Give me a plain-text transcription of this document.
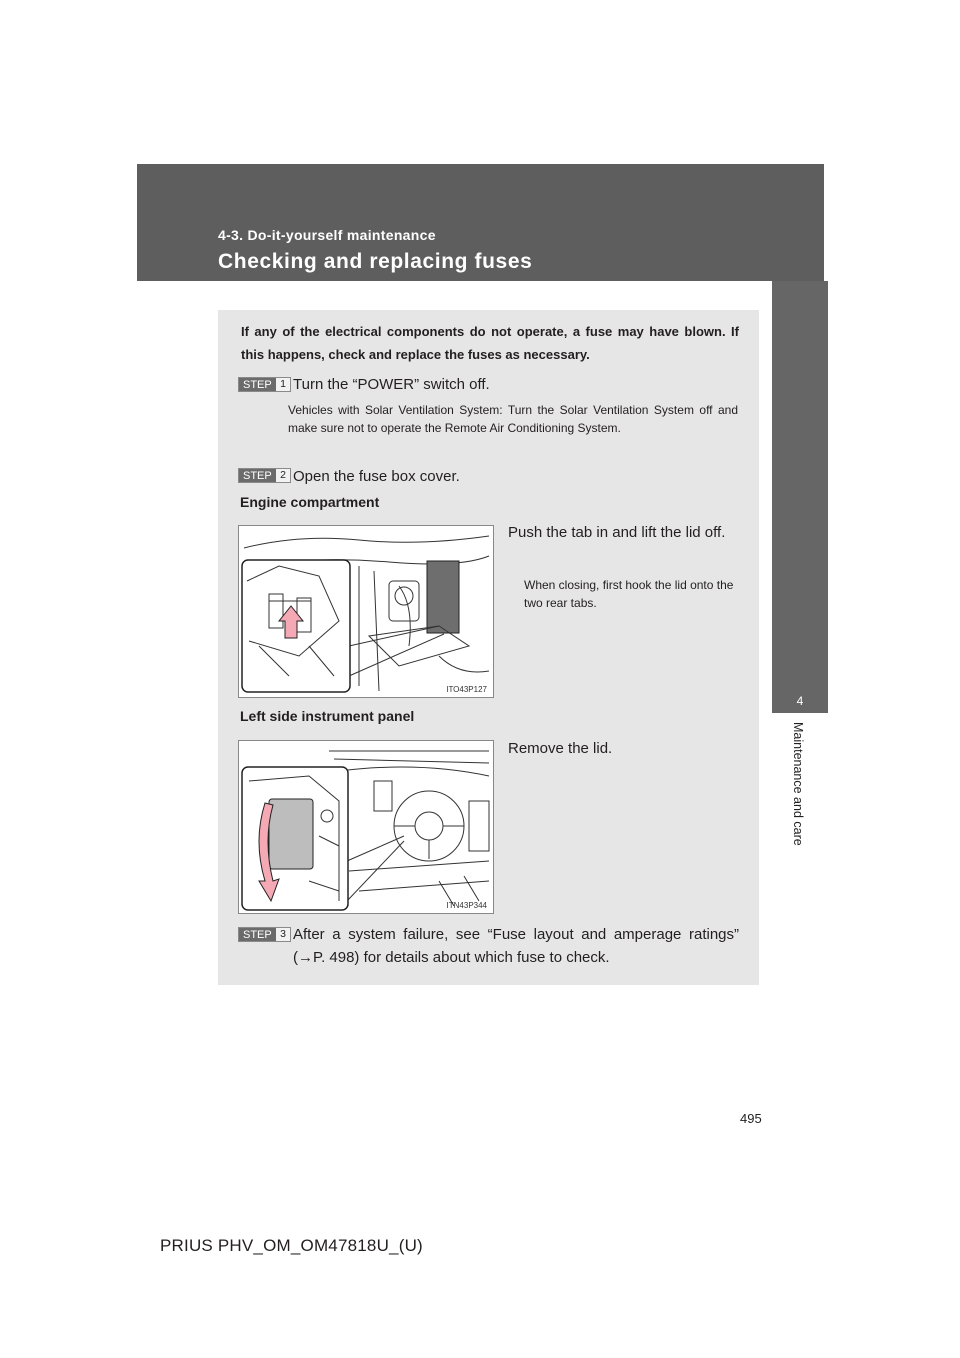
4-3. Do-it-yourself maintenance
Checking and replacing fuses
4
Maintenance and care
If any of the electrical components do not operate, a fuse may have blown. If this happens, check and replace the fuses as necessary.
STEP 1 Turn the “POWER” switch off.
Vehicles with Solar Ventilation System: Turn the Solar Ventilation System off and make sure not to operate the Remote Air Conditioning System.
STEP 2 Open the fuse box cover.
Engine compartment
ITO43P127
Push the tab in and lift the lid off.
When closing, first hook the lid onto the two rear tabs.
Left side instrument panel
ITN43P344
Remove the lid.
STEP 3 After a system failure, see “Fuse layout and amperage ratings” (→P. 498) for details about which fuse to check.
495
PRIUS PHV_OM_OM47818U_(U)
